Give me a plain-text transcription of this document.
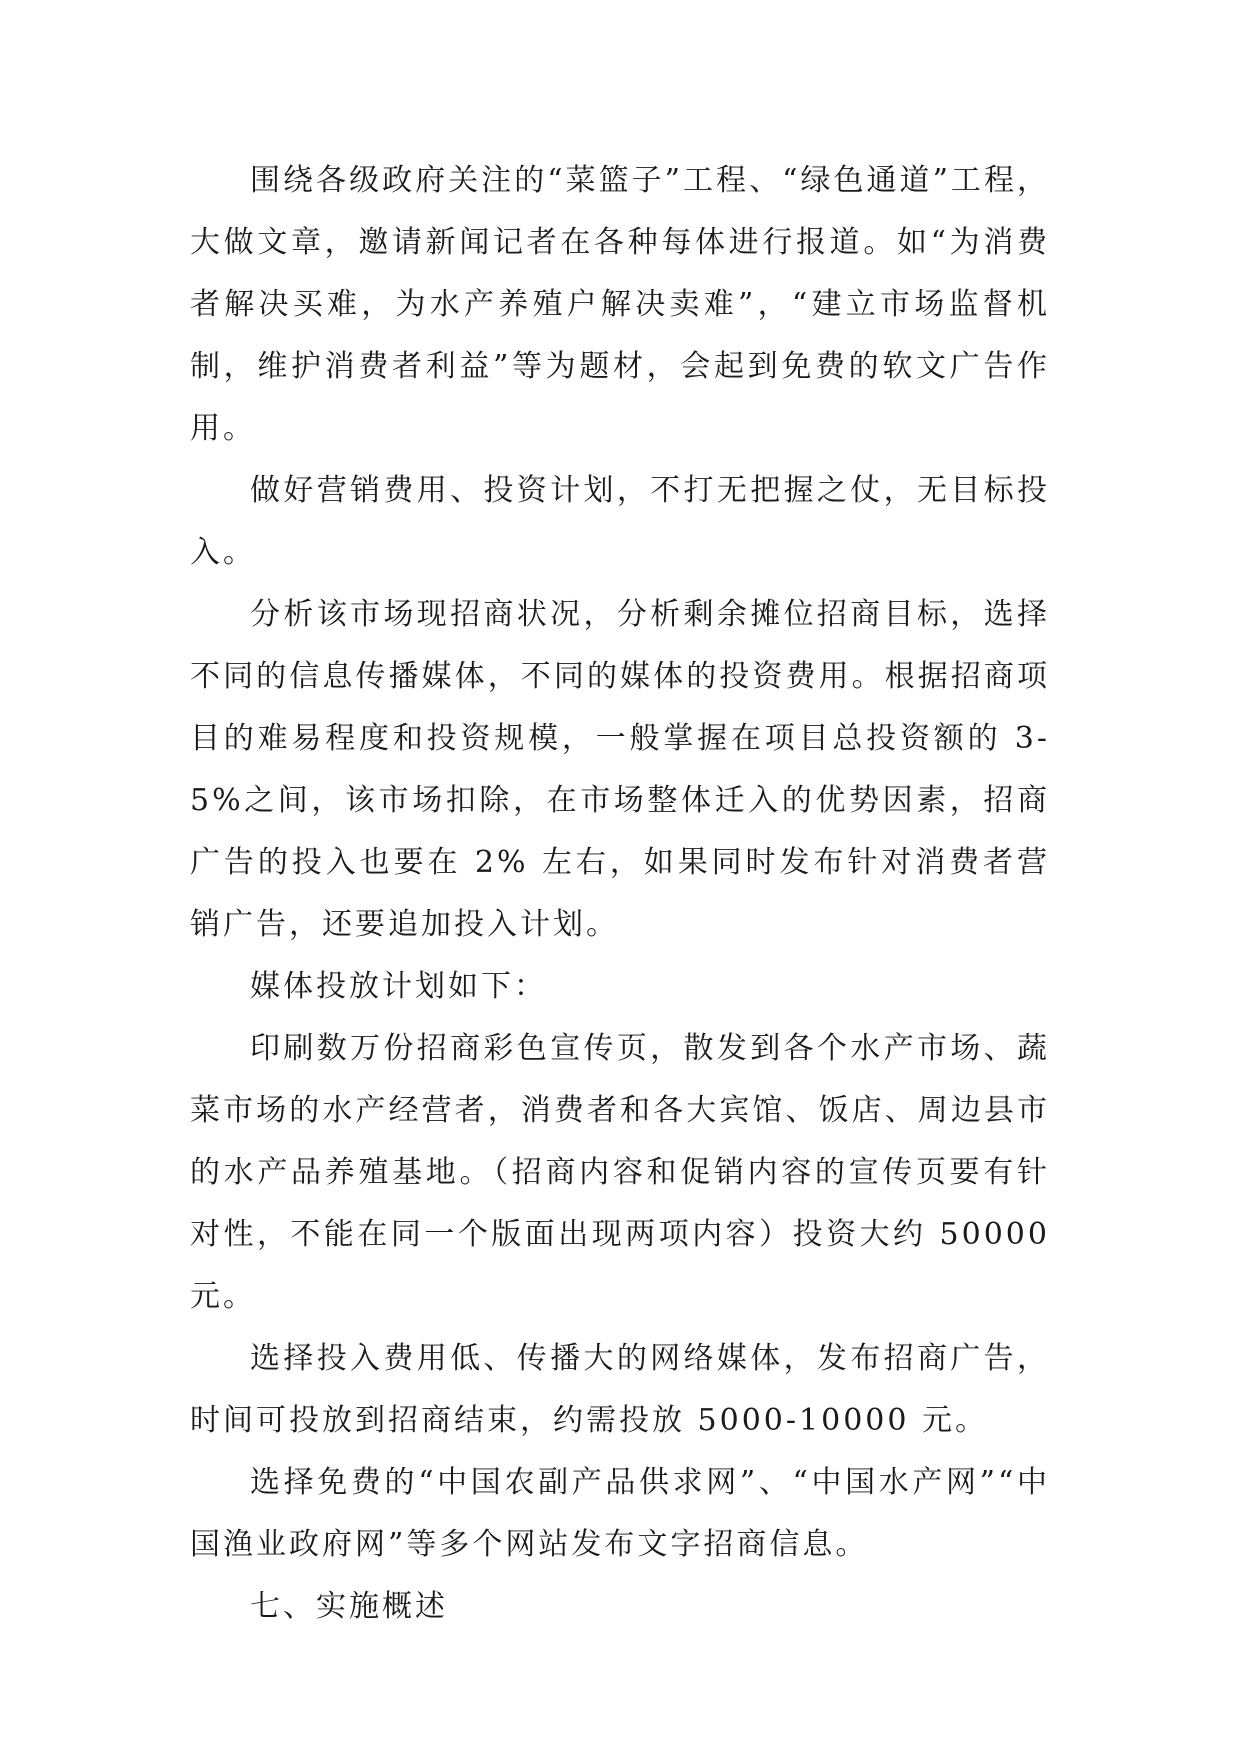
围绕各级政府关注的“菜篮子”工程、“绿色通道”工程，大做文章，邀请新闻记者在各种每体进行报道。如“为消费者解决买难，为水产养殖户解决卖难”，“建立市场监督机制，维护消费者利益”等为题材，会起到免费的软文广告作用。

做好营销费用、投资计划，不打无把握之仗，无目标投入。

分析该市场现招商状况，分析剩余摊位招商目标，选择不同的信息传播媒体，不同的媒体的投资费用。根据招商项目的难易程度和投资规模，一般掌握在项目总投资额的 3-5%之间，该市场扣除，在市场整体迁入的优势因素，招商广告的投入也要在 2% 左右，如果同时发布针对消费者营销广告，还要追加投入计划。

媒体投放计划如下：

印刷数万份招商彩色宣传页，散发到各个水产市场、蔬菜市场的水产经营者，消费者和各大宾馆、饭店、周边县市的水产品养殖基地。（招商内容和促销内容的宣传页要有针对性，不能在同一个版面出现两项内容）投资大约 50000 元。

选择投入费用低、传播大的网络媒体，发布招商广告，时间可投放到招商结束，约需投放 5000-10000 元。

选择免费的“中国农副产品供求网”、“中国水产网”“中国渔业政府网”等多个网站发布文字招商信息。

七、实施概述
